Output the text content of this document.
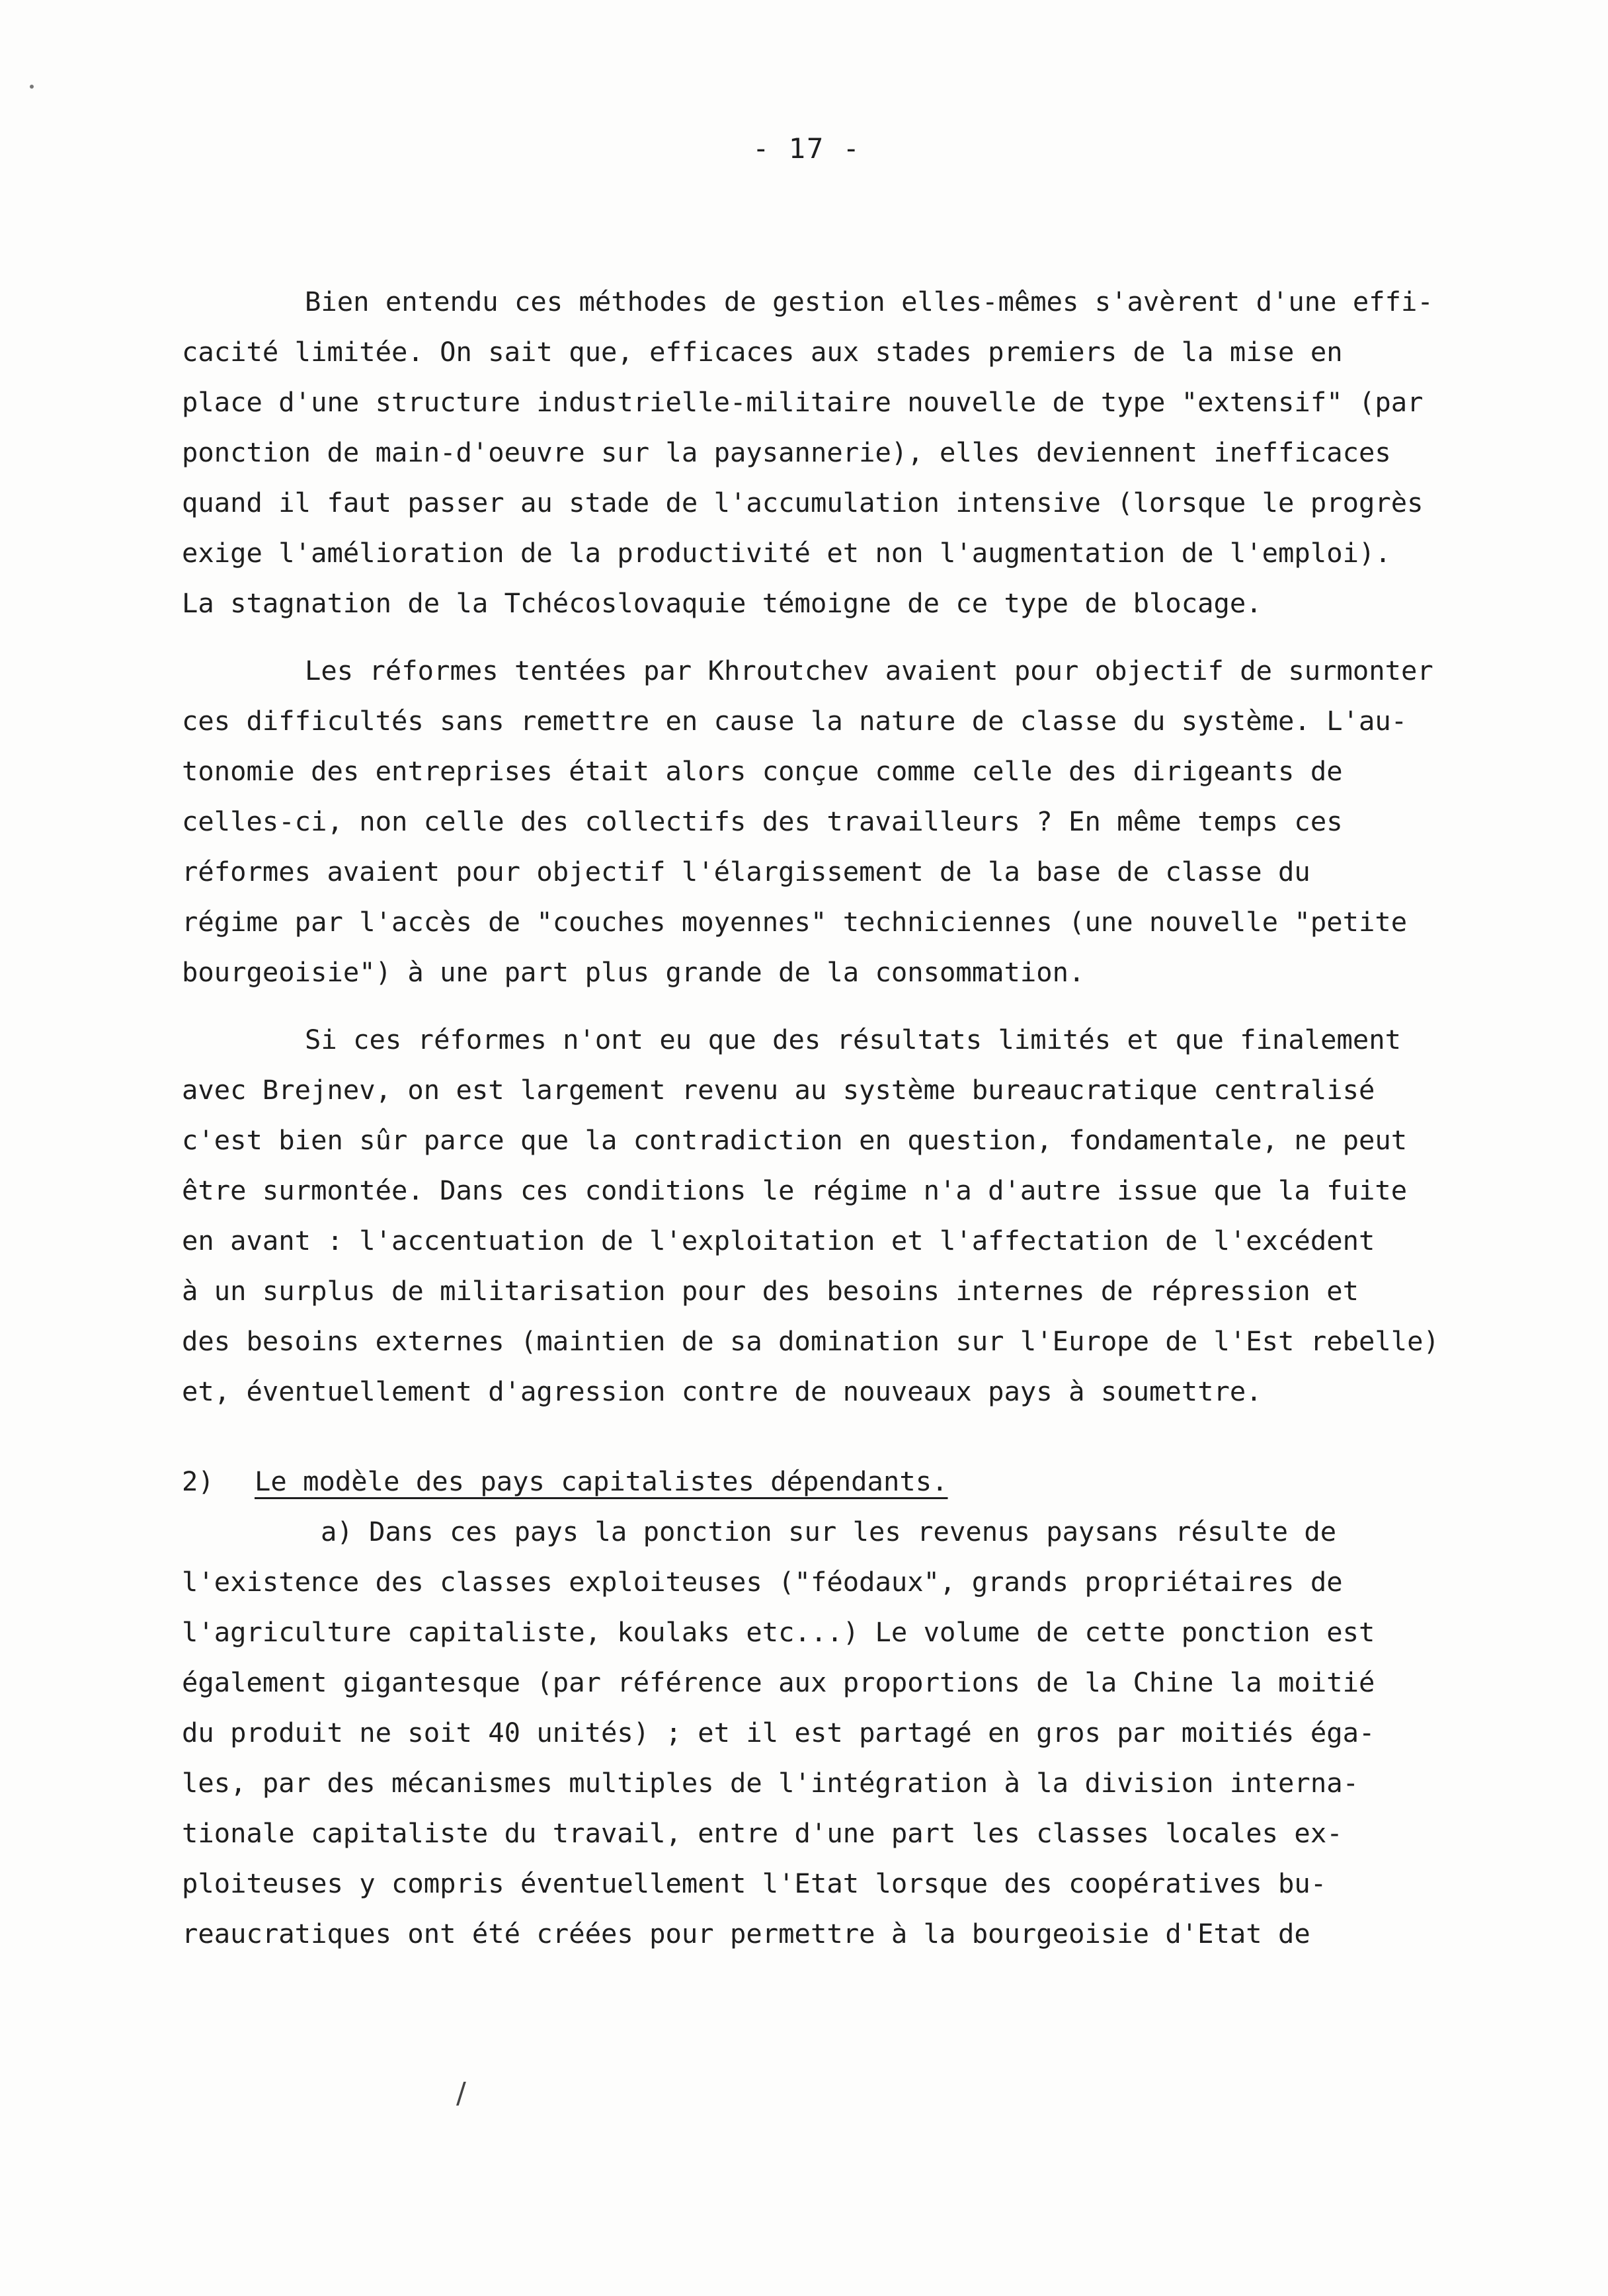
- 17 -
Bien entendu ces méthodes de gestion elles-mêmes s'avèrent d'une effi-
cacité limitée. On sait que, efficaces aux stades premiers de la mise en
place d'une structure industrielle-militaire nouvelle de type "extensif" (par
ponction de main-d'oeuvre sur la paysannerie), elles deviennent inefficaces
quand il faut passer au stade de l'accumulation intensive (lorsque le progrès
exige l'amélioration de la productivité et non l'augmentation de l'emploi).
La stagnation de la Tchécoslovaquie témoigne de ce type de blocage.
Les réformes tentées par Khroutchev avaient pour objectif de surmonter
ces difficultés sans remettre en cause la nature de classe du système. L'au-
tonomie des entreprises était alors conçue comme celle des dirigeants de
celles-ci, non celle des collectifs des travailleurs ? En même temps ces
réformes avaient pour objectif l'élargissement de la base de classe du
régime par l'accès de "couches moyennes" techniciennes (une nouvelle "petite
bourgeoisie") à une part plus grande de la consommation.
Si ces réformes n'ont eu que des résultats limités et que finalement
avec Brejnev, on est largement revenu au système bureaucratique centralisé
c'est bien sûr parce que la contradiction en question, fondamentale, ne peut
être surmontée. Dans ces conditions le régime n'a d'autre issue que la fuite
en avant : l'accentuation de l'exploitation et l'affectation de l'excédent
à un surplus de militarisation pour des besoins internes de répression et
des besoins externes (maintien de sa domination sur l'Europe de l'Est rebelle)
et, éventuellement d'agression contre de nouveaux pays à soumettre.
2) Le modèle des pays capitalistes dépendants.
a) Dans ces pays la ponction sur les revenus paysans résulte de
l'existence des classes exploiteuses ("féodaux", grands propriétaires de
l'agriculture capitaliste, koulaks etc...) Le volume de cette ponction est
également gigantesque (par référence aux proportions de la Chine la moitié
du produit ne soit 40 unités) ; et il est partagé en gros par moitiés éga-
les, par des mécanismes multiples de l'intégration à la division interna-
tionale capitaliste du travail, entre d'une part les classes locales ex-
ploiteuses y compris éventuellement l'Etat lorsque des coopératives bu-
reaucratiques ont été créées pour permettre à la bourgeoisie d'Etat de
/
